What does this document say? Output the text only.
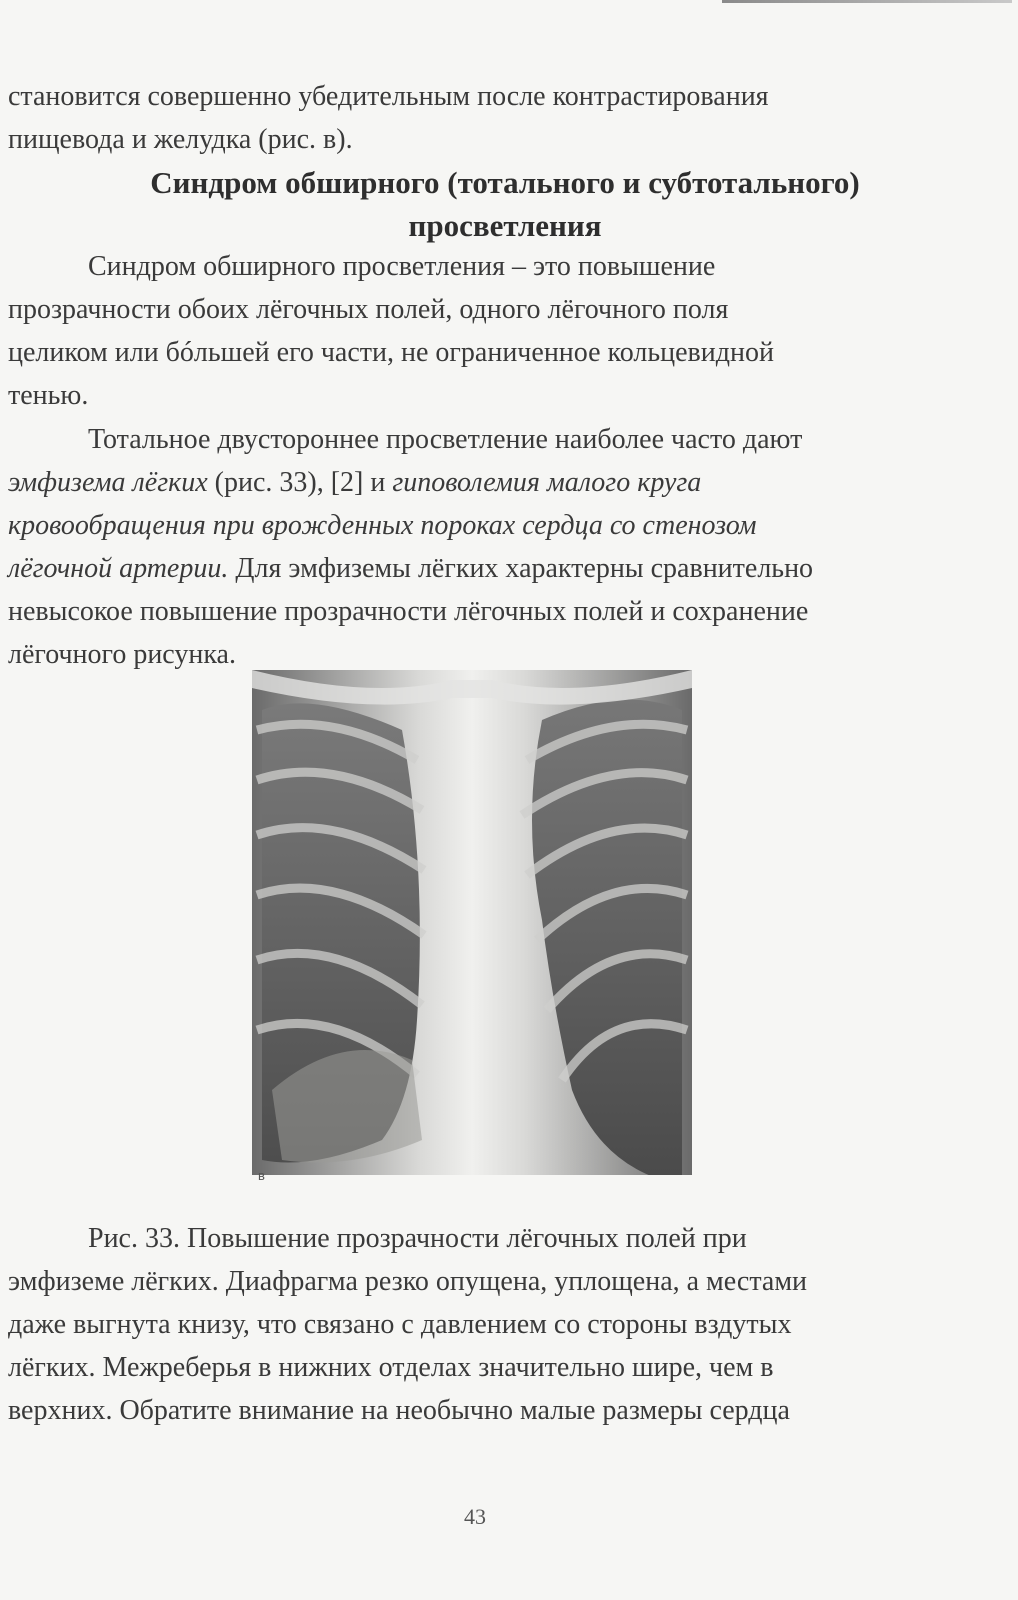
становится совершенно убедительным после контрастирования
пищевода и желудка (рис. в).
Синдром обширного (тотального и субтотального)
просветления
Синдром обширного просветления – это повышение
прозрачности обоих лёгочных полей, одного лёгочного поля
целиком или бóльшей его части, не ограниченное кольцевидной
тенью.
Тотальное двустороннее просветление наиболее часто дают
эмфизема лёгких (рис. 33), [2] и гиповолемия малого круга
кровообращения при врожденных пороках сердца со стенозом
лёгочной артерии. Для эмфиземы лёгких характерны сравнительно
невысокое повышение прозрачности лёгочных полей и сохранение
лёгочного рисунка.
в
Рис. 33. Повышение прозрачности лёгочных полей при
эмфиземе лёгких. Диафрагма резко опущена, уплощена, а местами
даже выгнута книзу, что связано с давлением со стороны вздутых
лёгких. Межреберья в нижних отделах значительно шире, чем в
верхних. Обратите внимание на необычно малые размеры сердца
43
